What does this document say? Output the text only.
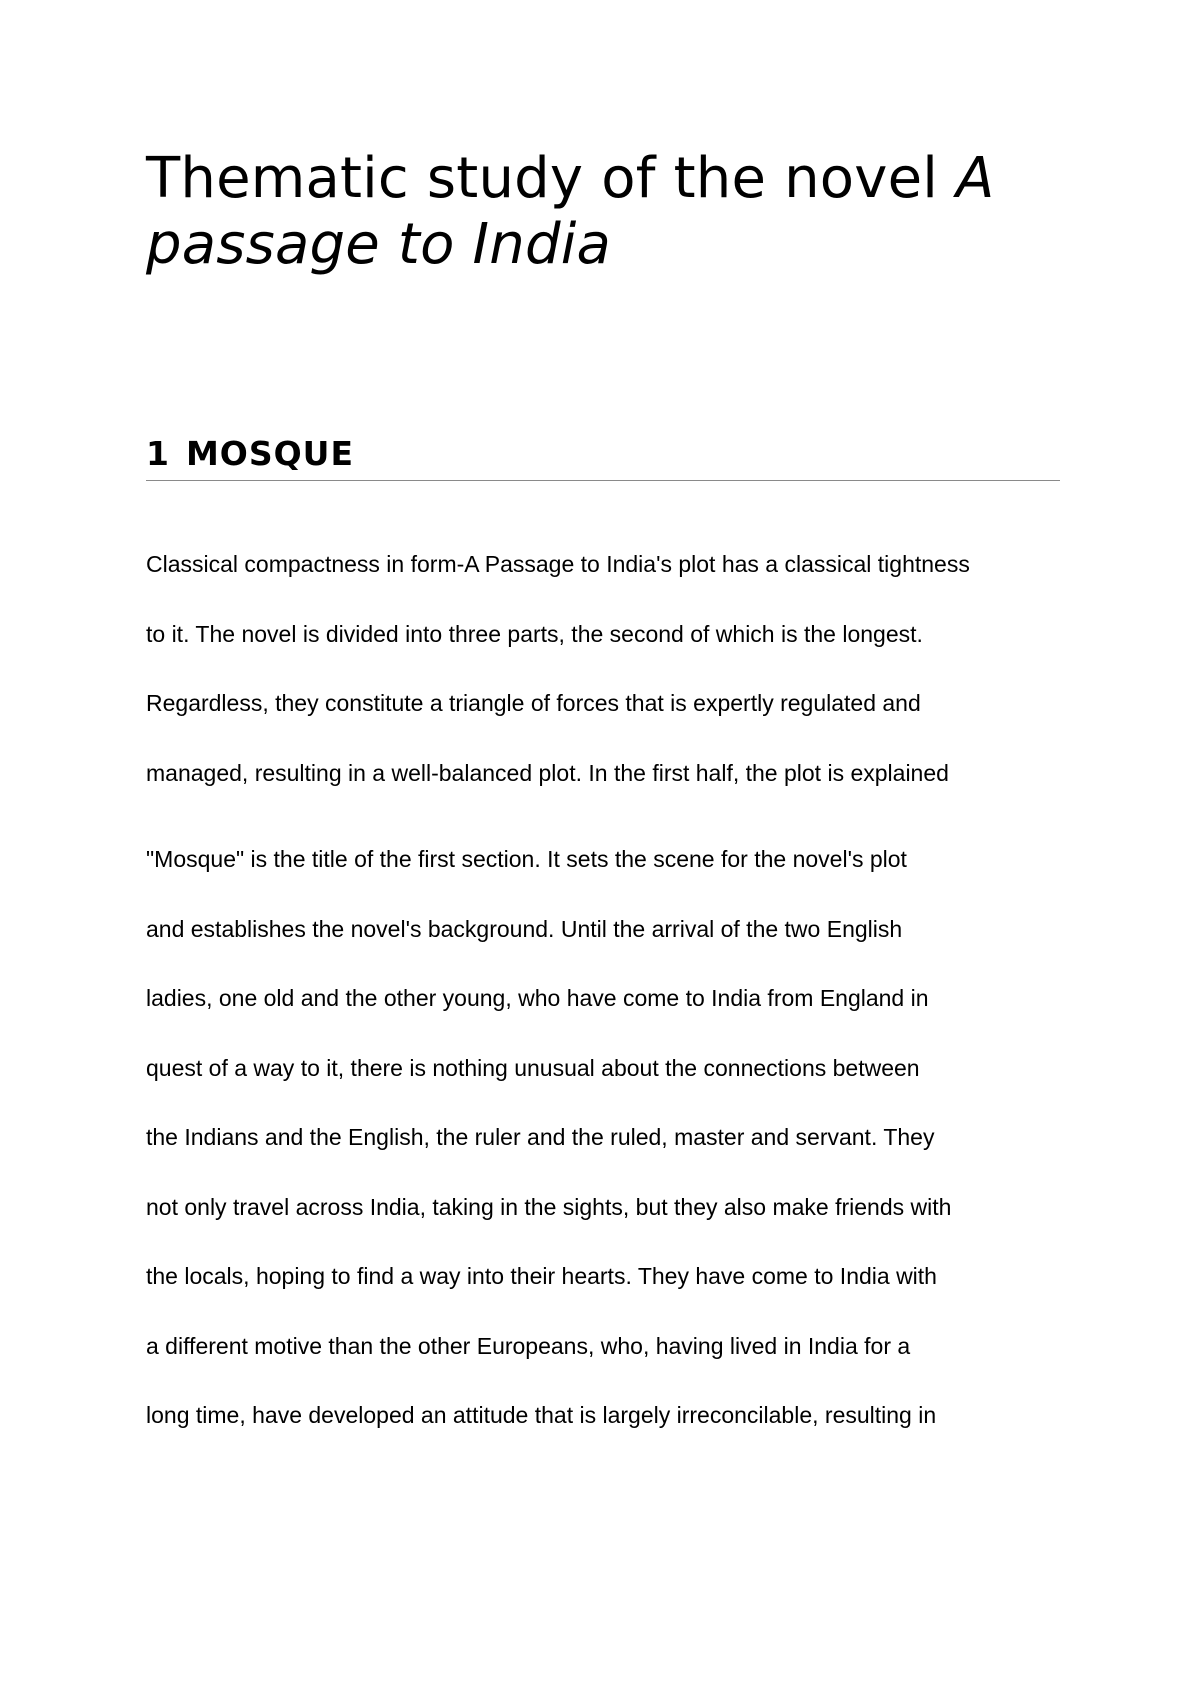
Thematic study of the novel A passage to India
1 MOSQUE

Classical compactness in form-A Passage to India's plot has a classical tightness
to it. The novel is divided into three parts, the second of which is the longest.
Regardless, they constitute a triangle of forces that is expertly regulated and
managed, resulting in a well-balanced plot. In the first half, the plot is explained

"Mosque" is the title of the first section. It sets the scene for the novel's plot
and establishes the novel's background. Until the arrival of the two English
ladies, one old and the other young, who have come to India from England in
quest of a way to it, there is nothing unusual about the connections between
the Indians and the English, the ruler and the ruled, master and servant. They
not only travel across India, taking in the sights, but they also make friends with
the locals, hoping to find a way into their hearts. They have come to India with
a different motive than the other Europeans, who, having lived in India for a
long time, have developed an attitude that is largely irreconcilable, resulting in
